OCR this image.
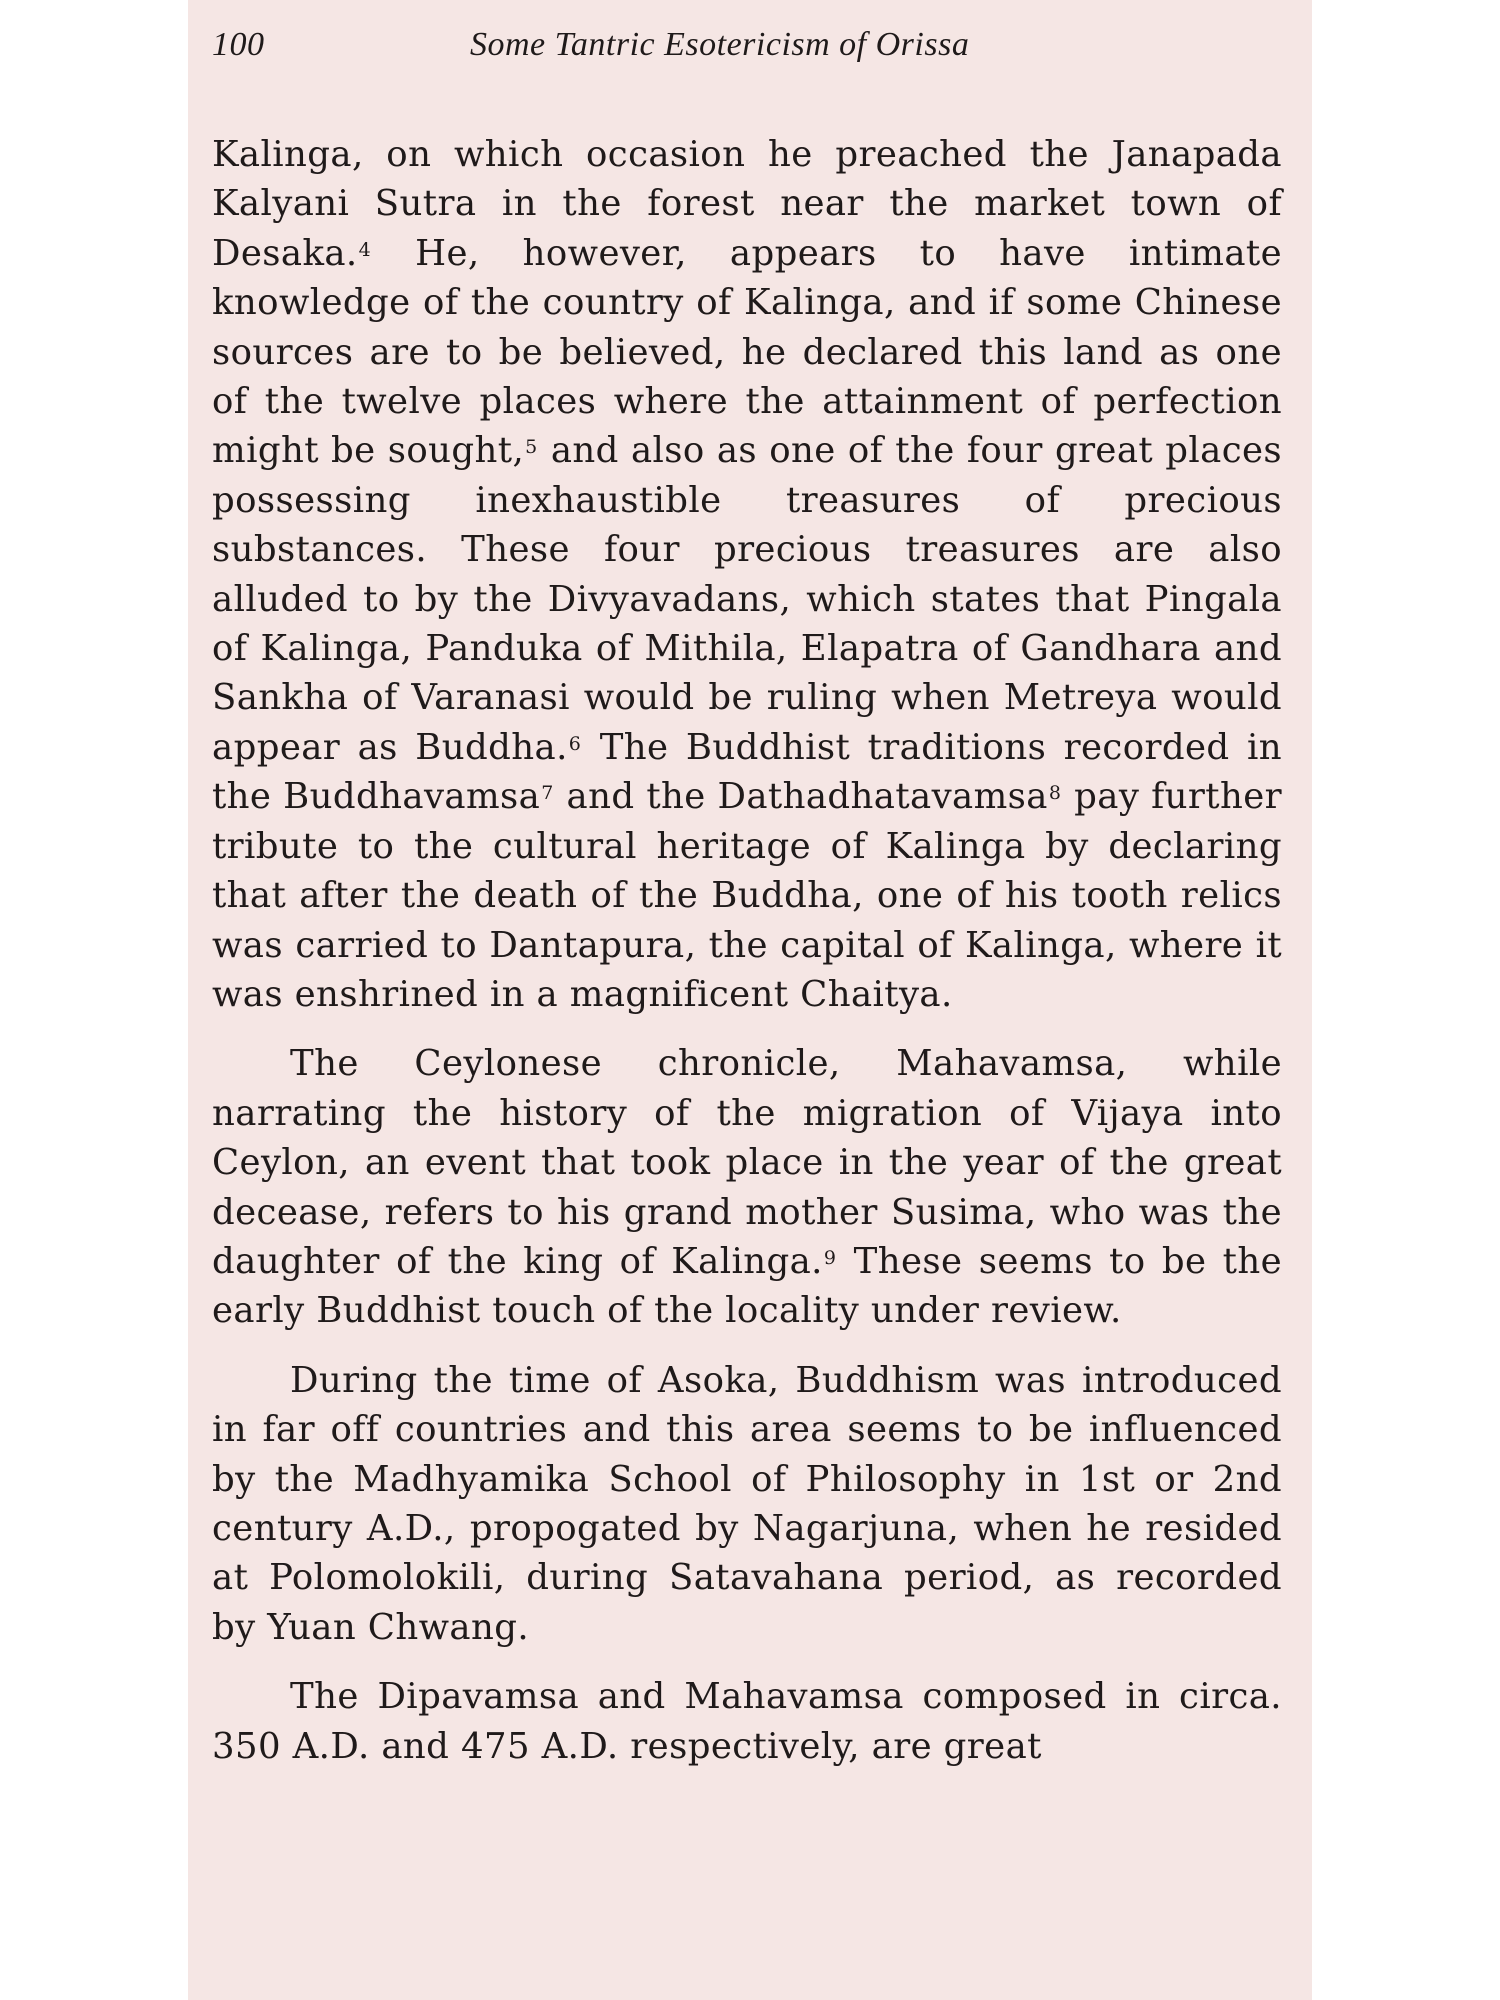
100	Some Tantric Esotericism of Orissa

Kalinga, on which occasion he preached the Janapada Kalyani Sutra in the forest near the market town of Desaka.$^4$ He, however, appears to have intimate knowledge of the country of Kalinga, and if some Chinese sources are to be believed, he declared this land as one of the twelve places where the attainment of perfection might be sought,$^5$ and also as one of the four great places possessing inexhaustible treasures of precious substances. These four precious treasures are also alluded to by the Divyavadans, which states that Pingala of Kalinga, Panduka of Mithila, Elapatra of Gandhara and Sankha of Varanasi would be ruling when Metreya would appear as Buddha.$^6$ The Buddhist traditions recorded in the Buddhavamsa$^7$ and the Dathadhatavamsa$^8$ pay further tribute to the cultural heritage of Kalinga by declaring that after the death of the Buddha, one of his tooth relics was carried to Dantapura, the capital of Kalinga, where it was enshrined in a magnificent Chaitya.

The Ceylonese chronicle, Mahavamsa, while narrating the history of the migration of Vijaya into Ceylon, an event that took place in the year of the great decease, refers to his grand mother Susima, who was the daughter of the king of Kalinga.$^9$ These seems to be the early Buddhist touch of the locality under review.

During the time of Asoka, Buddhism was introduced in far off countries and this area seems to be influenced by the Madhyamika School of Philosophy in 1st or 2nd century A.D., propogated by Nagarjuna, when he resided at Polomolokili, during Satavahana period, as recorded by Yuan Chwang.

The Dipavamsa and Mahavamsa composed in circa. 350 A.D. and 475 A.D. respectively, are great
